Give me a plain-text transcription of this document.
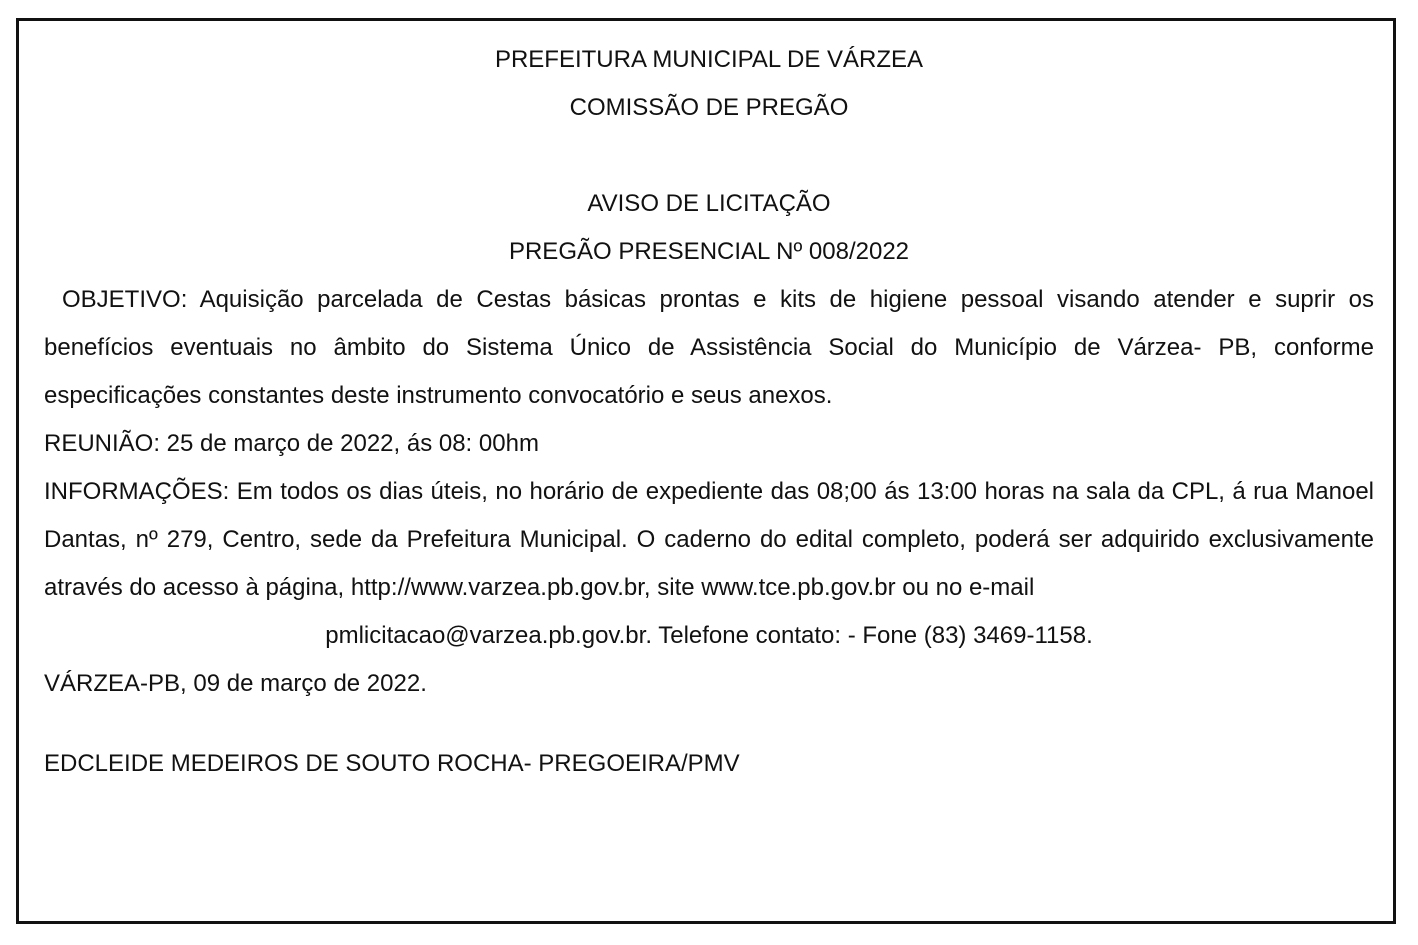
PREFEITURA MUNICIPAL DE VÁRZEA
COMISSÃO DE PREGÃO
AVISO DE LICITAÇÃO
PREGÃO PRESENCIAL Nº 008/2022
OBJETIVO: Aquisição parcelada de Cestas básicas prontas e kits de higiene pessoal visando atender e suprir os benefícios eventuais no âmbito do Sistema Único de Assistência Social do Município de Várzea- PB, conforme especificações constantes deste instrumento convocatório e seus anexos.
REUNIÃO: 25 de março de 2022, ás 08: 00hm
INFORMAÇÕES: Em todos os dias úteis, no horário de expediente das 08;00 ás 13:00 horas na sala da CPL, á rua Manoel Dantas, nº 279, Centro, sede da Prefeitura Municipal. O caderno do edital completo, poderá ser adquirido exclusivamente através do acesso à página, http://www.varzea.pb.gov.br, site www.tce.pb.gov.br ou no e-mail
pmlicitacao@varzea.pb.gov.br. Telefone contato: - Fone (83) 3469-1158.
VÁRZEA-PB, 09 de março de 2022.
EDCLEIDE MEDEIROS DE SOUTO ROCHA- PREGOEIRA/PMV
